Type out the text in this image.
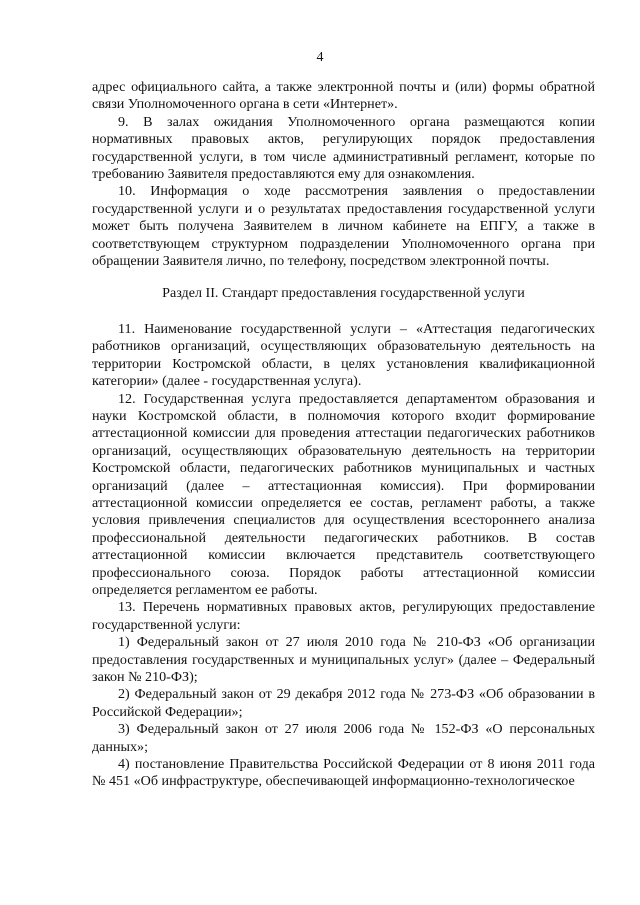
4

адрес официального сайта, а также электронной почты и (или) формы обратной связи Уполномоченного органа в сети «Интернет».

9. В залах ожидания Уполномоченного органа размещаются копии нормативных правовых актов, регулирующих порядок предоставления государственной услуги, в том числе административный регламент, которые по требованию Заявителя предоставляются ему для ознакомления.

10. Информация о ходе рассмотрения заявления о предоставлении государственной услуги и о результатах предоставления государственной услуги может быть получена Заявителем в личном кабинете на ЕПГУ, а также в соответствующем структурном подразделении Уполномоченного органа при обращении Заявителя лично, по телефону, посредством электронной почты.

Раздел II. Стандарт предоставления государственной услуги

11. Наименование государственной услуги – «Аттестация педагогических работников организаций, осуществляющих образовательную деятельность на территории Костромской области, в целях установления квалификационной категории» (далее - государственная услуга).

12. Государственная услуга предоставляется департаментом образования и науки Костромской области, в полномочия которого входит формирование аттестационной комиссии для проведения аттестации педагогических работников организаций, осуществляющих образовательную деятельность на территории Костромской области, педагогических работников муниципальных и частных организаций (далее – аттестационная комиссия). При формировании аттестационной комиссии определяется ее состав, регламент работы, а также условия привлечения специалистов для осуществления всестороннего анализа профессиональной деятельности педагогических работников. В состав аттестационной комиссии включается представитель соответствующего профессионального союза. Порядок работы аттестационной комиссии определяется регламентом ее работы.

13. Перечень нормативных правовых актов, регулирующих предоставление государственной услуги:

1) Федеральный закон от 27 июля 2010 года № 210-ФЗ «Об организации предоставления государственных и муниципальных услуг» (далее – Федеральный закон № 210-ФЗ);

2) Федеральный закон от 29 декабря 2012 года № 273-ФЗ «Об образовании в Российской Федерации»;

3) Федеральный закон от 27 июля 2006 года № 152-ФЗ «О персональных данных»;

4) постановление Правительства Российской Федерации от 8 июня 2011 года № 451 «Об инфраструктуре, обеспечивающей информационно-технологическое
